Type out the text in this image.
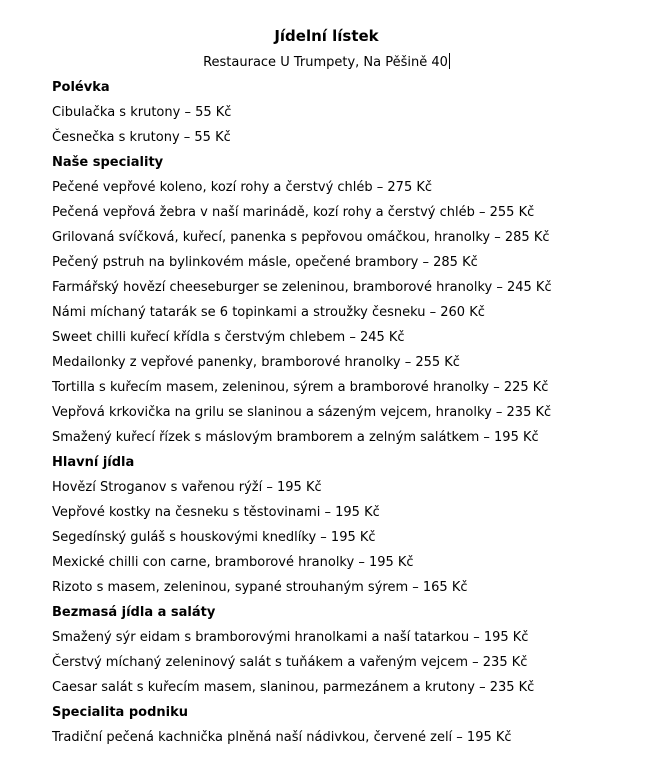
Jídelní lístek
Restaurace U Trumpety, Na Pěšině 40
Polévka
Cibulačka s krutony – 55 Kč
Česnečka s krutony – 55 Kč
Naše speciality
Pečené vepřové koleno, kozí rohy a čerstvý chléb – 275 Kč
Pečená vepřová žebra v naší marinádě, kozí rohy a čerstvý chléb – 255 Kč
Grilovaná svíčková, kuřecí, panenka s pepřovou omáčkou, hranolky – 285 Kč
Pečený pstruh na bylinkovém másle, opečené brambory – 285 Kč
Farmářský hovězí cheeseburger se zeleninou, bramborové hranolky – 245 Kč
Námi míchaný tatarák se 6 topinkami a stroužky česneku – 260 Kč
Sweet chilli kuřecí křídla s čerstvým chlebem – 245 Kč
Medailonky z vepřové panenky, bramborové hranolky – 255 Kč
Tortilla s kuřecím masem, zeleninou, sýrem a bramborové hranolky – 225 Kč
Vepřová krkovička na grilu se slaninou a sázeným vejcem, hranolky – 235 Kč
Smažený kuřecí řízek s máslovým bramborem a zelným salátkem – 195 Kč
Hlavní jídla
Hovězí Stroganov s vařenou rýží – 195 Kč
Vepřové kostky na česneku s těstovinami – 195 Kč
Segedínský guláš s houskovými knedlíky – 195 Kč
Mexické chilli con carne, bramborové hranolky – 195 Kč
Rizoto s masem, zeleninou, sypané strouhaným sýrem – 165 Kč
Bezmasá jídla a saláty
Smažený sýr eidam s bramborovými hranolkami a naší tatarkou – 195 Kč
Čerstvý míchaný zeleninový salát s tuňákem a vařeným vejcem – 235 Kč
Caesar salát s kuřecím masem, slaninou, parmezánem a krutony – 235 Kč
Specialita podniku
Tradiční pečená kachnička plněná naší nádivkou, červené zelí – 195 Kč
